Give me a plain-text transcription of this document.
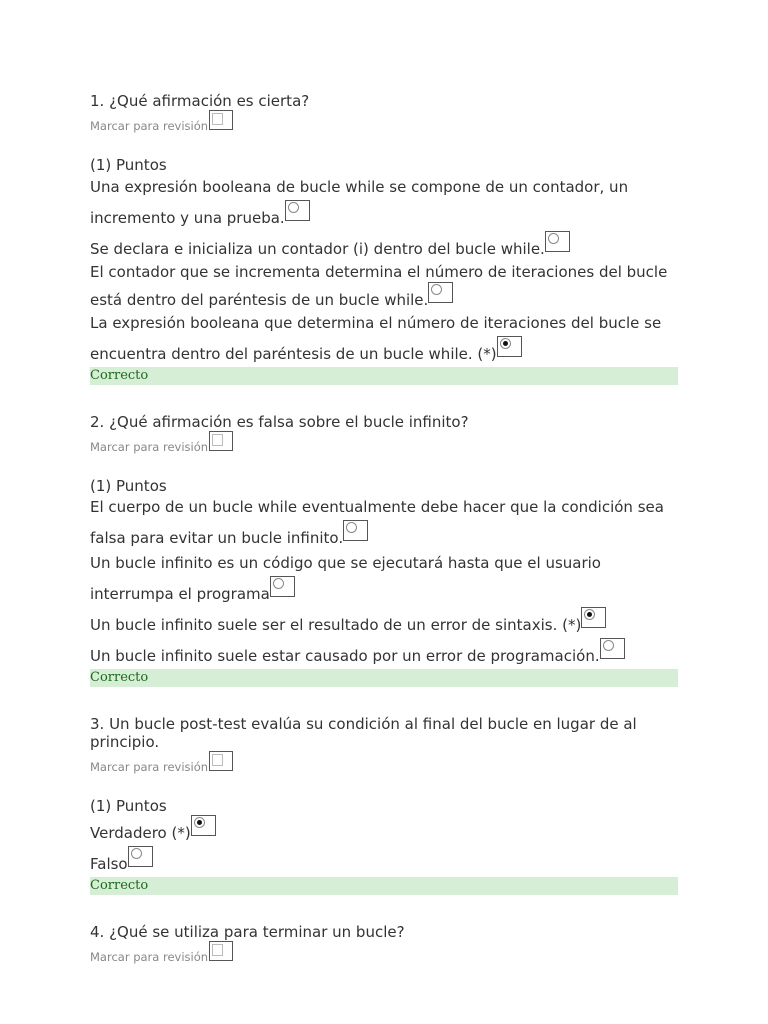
1. ¿Qué afirmación es cierta?

Marcar para revisión
(1) Puntos
Una expresión booleana de bucle while se compone de un contador, un incremento y una prueba.
Se declara e inicializa un contador (i) dentro del bucle while.
El contador que se incrementa determina el número de iteraciones del bucle está dentro del paréntesis de un bucle while.
La expresión booleana que determina el número de iteraciones del bucle se encuentra dentro del paréntesis de un bucle while. (*)
Correcto

2. ¿Qué afirmación es falsa sobre el bucle infinito?

Marcar para revisión
(1) Puntos
El cuerpo de un bucle while eventualmente debe hacer que la condición sea falsa para evitar un bucle infinito.
Un bucle infinito es un código que se ejecutará hasta que el usuario interrumpa el programa
Un bucle infinito suele ser el resultado de un error de sintaxis. (*)
Un bucle infinito suele estar causado por un error de programación.
Correcto

3. Un bucle post-test evalúa su condición al final del bucle en lugar de al principio.

Marcar para revisión
(1) Puntos
Verdadero (*)
Falso
Correcto

4. ¿Qué se utiliza para terminar un bucle?

Marcar para revisión
